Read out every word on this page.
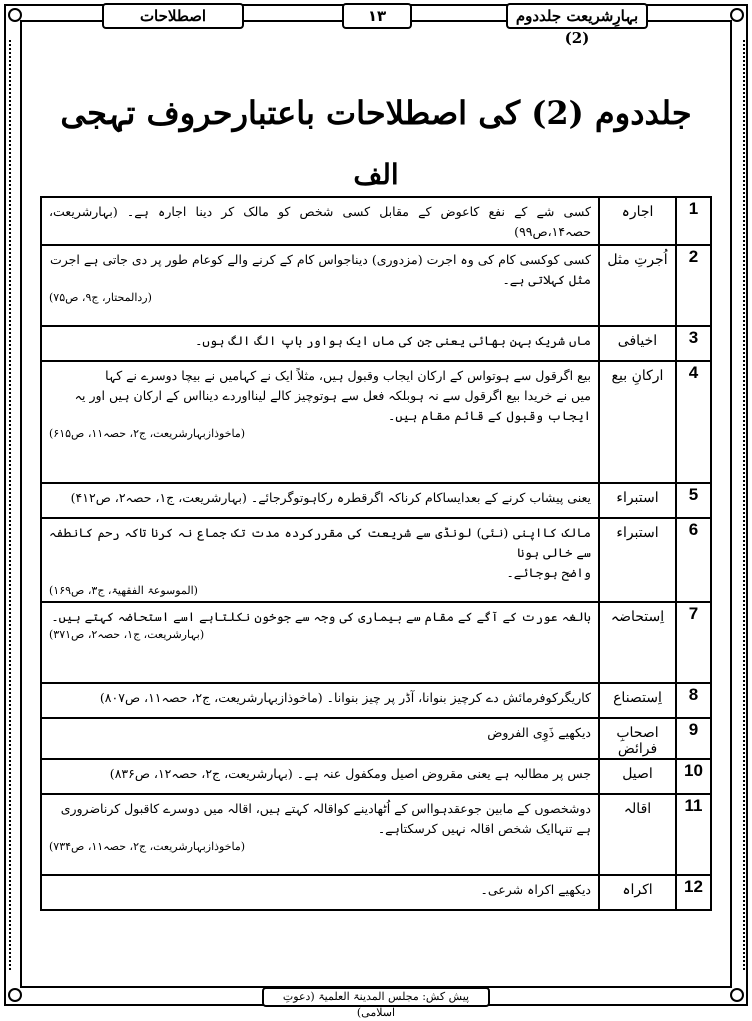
بہارِشریعت جلددوم (2)
۱۳
اصطلاحات
جلددوم (2) کی اصطلاحات باعتبارحروف تہجی
الف
کسی شے کے نفع کاعوض کے مقابل کسی شخص کو مالک کر دینا اجارہ ہے۔ (بہارشریعت، حصہ۱۴،ص۹۹)	اجارہ	1

کسی کوکسی کام کی وہ اجرت (مزدوری) دیناجواس کام کے کرنے والے کوعام طور پر دی جاتی ہے اجرت
مثل کہلاتی ہے۔
(ردالمحتار، ج۹، ص۷۵)	اُجرتِ مثل	2

ماں شریک بہن بھائی یعنی جن کی ماں ایک ہواور باپ الگ الگ ہوں۔	اخیافی	3

بیع اگرقول سے ہوتواس کے ارکان ایجاب وقبول ہیں، مثلاً ایک نے کہامیں نے بیچا دوسرے نے کہا
میں نے خریدا بیع اگرقول سے نہ ہوبلکہ فعل سے ہوتوچیز کالے لینااوردے دینااس کے ارکان ہیں اور یہ
ایجاب وقبول کے قائم مقام ہیں۔
(ماخوذازبہارشریعت، ج۲، حصہ۱۱، ص۶۱۵)	ارکانِ بیع	4

یعنی پیشاب کرنے کے بعدایساکام کرناکہ اگرقطرہ رکاہوتوگرجائے۔ (بہارشریعت، ج۱، حصہ۲، ص۴۱۲)	استبراء	5

مالک کااپنی (نئی) لونڈی سے شریعت کی مقررکردہ مدت تک جماع نہ کرنا تاکہ رحم کانطفہ سے خالی ہونا
واضح ہوجائے۔
(الموسوعۃ الفقھیۃ، ج۳، ص۱۶۹)	استبراء	6

بالغہ عورت کے آگے کے مقام سے بیماری کی وجہ سے جوخون نکلتاہے اسے استحاضہ کہتے ہیں۔
(بہارشریعت، ج۱، حصہ۲، ص۳۷۱)	اِستحاضہ	7

کاریگرکوفرمائش دے کرچیز بنوانا، آڈر پر چیز بنوانا۔ (ماخوذازبہارشریعت، ج۲، حصہ۱۱، ص۸۰۷)	اِستصناع	8

دیکھیے ذَوِی الفروض	اصحابِ فرائض	9

جس پر مطالبہ ہے یعنی مقروض اصیل ومکفول عنہ ہے۔ (بہارشریعت، ج۲، حصہ۱۲، ص۸۳۶)	اصیل	10

دوشخصوں کے مابین جوعقدہوااس کے اُٹھادینے کواقالہ کہتے ہیں، اقالہ میں دوسرے کاقبول کرناضروری
ہے تنہاایک شخص اقالہ نہیں کرسکتاہے۔
(ماخوذازبہارشریعت، ج۲، حصہ۱۱، ص۷۳۴)	اقالہ	11

دیکھیے اکراہ شرعی۔	اکراہ	12
پیش کش: مجلس المدینۃ العلمیۃ (دعوتِ اسلامی)
